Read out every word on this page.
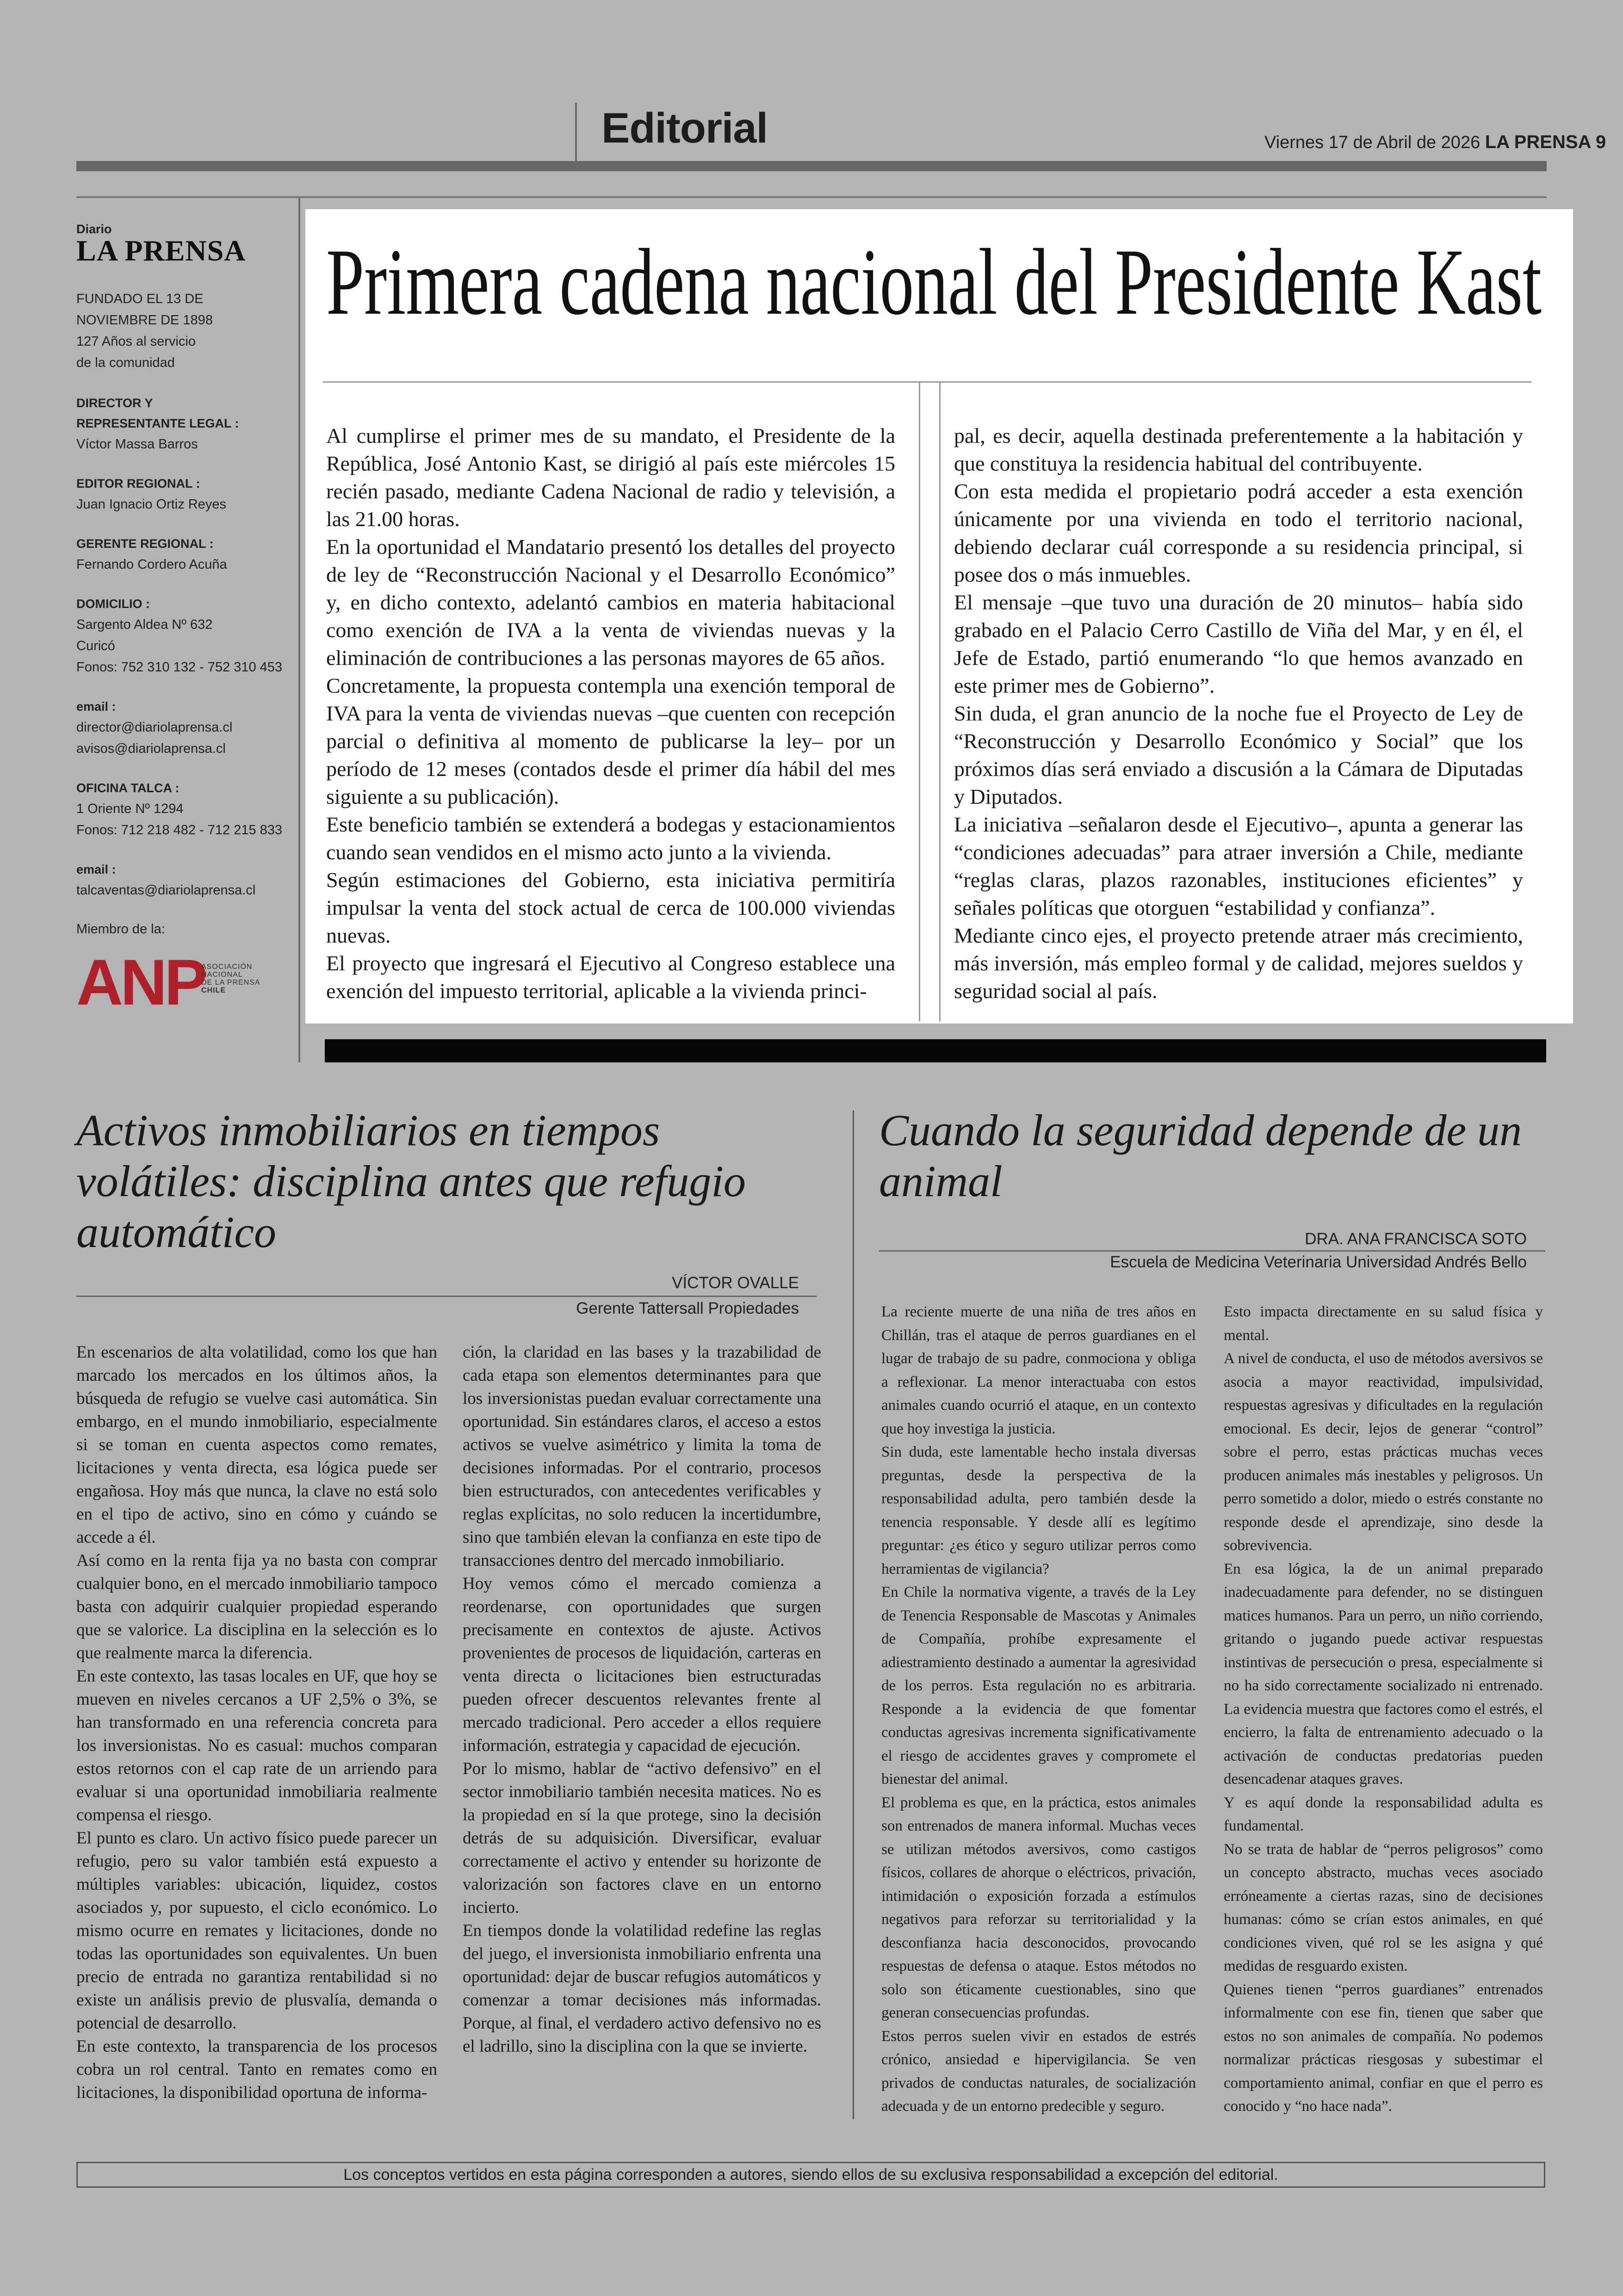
Editorial	Viernes 17 de Abril de 2026 LA PRENSA 9
Diario
LA PRENSA
FUNDADO EL 13 DE
NOVIEMBRE DE 1898
127 Años al servicio
de la comunidad
DIRECTOR Y
REPRESENTANTE LEGAL :
Víctor Massa Barros
EDITOR REGIONAL :
Juan Ignacio Ortiz Reyes
GERENTE REGIONAL :
Fernando Cordero Acuña
DOMICILIO :
Sargento Aldea Nº 632
Curicó
Fonos: 752 310 132 - 752 310 453
email :
director@diariolaprensa.cl
avisos@diariolaprensa.cl
OFICINA TALCA :
1 Oriente Nº 1294
Fonos: 712 218 482 - 712 215 833
email :
talcaventas@diariolaprensa.cl
Miembro de la:
ANP
ASOCIACIÓN
NACIONAL
DE LA PRENSA
CHILE
Primera cadena nacional del Presidente Kast

Al cumplirse el primer mes de su mandato, el Presidente de la República, José Antonio Kast, se dirigió al país este miércoles 15 recién pasado, mediante Cadena Nacional de radio y televisión, a las 21.00 horas.

En la oportunidad el Mandatario presentó los detalles del proyecto de ley de “Reconstrucción Nacional y el Desarrollo Económico” y, en dicho contexto, adelantó cambios en materia habitacional como exención de IVA a la venta de viviendas nuevas y la eliminación de contribuciones a las personas mayores de 65 años.

Concretamente, la propuesta contempla una exención temporal de IVA para la venta de viviendas nuevas –que cuenten con recepción parcial o definitiva al momento de publicarse la ley– por un período de 12 meses (contados desde el primer día hábil del mes siguiente a su publicación).

Este beneficio también se extenderá a bodegas y estacionamientos cuando sean vendidos en el mismo acto junto a la vivienda.

Según estimaciones del Gobierno, esta iniciativa permitiría impulsar la venta del stock actual de cerca de 100.000 viviendas nuevas.

El proyecto que ingresará el Ejecutivo al Congreso establece una exención del impuesto territorial, aplicable a la vivienda princi-

pal, es decir, aquella destinada preferentemente a la habitación y que constituya la residencia habitual del contribuyente.

Con esta medida el propietario podrá acceder a esta exención únicamente por una vivienda en todo el territorio nacional, debiendo declarar cuál corresponde a su residencia principal, si posee dos o más inmuebles.

El mensaje –que tuvo una duración de 20 minutos– había sido grabado en el Palacio Cerro Castillo de Viña del Mar, y en él, el Jefe de Estado, partió enumerando “lo que hemos avanzado en este primer mes de Gobierno”.

Sin duda, el gran anuncio de la noche fue el Proyecto de Ley de “Reconstrucción y Desarrollo Económico y Social” que los próximos días será enviado a discusión a la Cámara de Diputadas y Diputados.

La iniciativa –señalaron desde el Ejecutivo–, apunta a generar las “condiciones adecuadas” para atraer inversión a Chile, mediante “reglas claras, plazos razonables, instituciones eficientes” y señales políticas que otorguen “estabilidad y confianza”.

Mediante cinco ejes, el proyecto pretende atraer más crecimiento, más inversión, más empleo formal y de calidad, mejores sueldos y seguridad social al país.

Activos inmobiliarios en tiempos volátiles: disciplina antes que refugio automático
VÍCTOR OVALLE
Gerente Tattersall Propiedades

En escenarios de alta volatilidad, como los que han marcado los mercados en los últimos años, la búsqueda de refugio se vuelve casi automática. Sin embargo, en el mundo inmobiliario, especialmente si se toman en cuenta aspectos como remates, licitaciones y venta directa, esa lógica puede ser engañosa. Hoy más que nunca, la clave no está solo en el tipo de activo, sino en cómo y cuándo se accede a él.

Así como en la renta fija ya no basta con comprar cualquier bono, en el mercado inmobiliario tampoco basta con adquirir cualquier propiedad esperando que se valorice. La disciplina en la selección es lo que realmente marca la diferencia.

En este contexto, las tasas locales en UF, que hoy se mueven en niveles cercanos a UF 2,5% o 3%, se han transformado en una referencia concreta para los inversionistas. No es casual: muchos comparan estos retornos con el cap rate de un arriendo para evaluar si una oportunidad inmobiliaria realmente compensa el riesgo.

El punto es claro. Un activo físico puede parecer un refugio, pero su valor también está expuesto a múltiples variables: ubicación, liquidez, costos asociados y, por supuesto, el ciclo económico. Lo mismo ocurre en remates y licitaciones, donde no todas las oportunidades son equivalentes. Un buen precio de entrada no garantiza rentabilidad si no existe un análisis previo de plusvalía, demanda o potencial de desarrollo.

En este contexto, la transparencia de los procesos cobra un rol central. Tanto en remates como en licitaciones, la disponibilidad oportuna de informa-

ción, la claridad en las bases y la trazabilidad de cada etapa son elementos determinantes para que los inversionistas puedan evaluar correctamente una oportunidad. Sin estándares claros, el acceso a estos activos se vuelve asimétrico y limita la toma de decisiones informadas. Por el contrario, procesos bien estructurados, con antecedentes verificables y reglas explícitas, no solo reducen la incertidumbre, sino que también elevan la confianza en este tipo de transacciones dentro del mercado inmobiliario.

Hoy vemos cómo el mercado comienza a reordenarse, con oportunidades que surgen precisamente en contextos de ajuste. Activos provenientes de procesos de liquidación, carteras en venta directa o licitaciones bien estructuradas pueden ofrecer descuentos relevantes frente al mercado tradicional. Pero acceder a ellos requiere información, estrategia y capacidad de ejecución.

Por lo mismo, hablar de “activo defensivo” en el sector inmobiliario también necesita matices. No es la propiedad en sí la que protege, sino la decisión detrás de su adquisición. Diversificar, evaluar correctamente el activo y entender su horizonte de valorización son factores clave en un entorno incierto.

En tiempos donde la volatilidad redefine las reglas del juego, el inversionista inmobiliario enfrenta una oportunidad: dejar de buscar refugios automáticos y comenzar a tomar decisiones más informadas. Porque, al final, el verdadero activo defensivo no es el ladrillo, sino la disciplina con la que se invierte.

Cuando la seguridad depende de un animal
DRA. ANA FRANCISCA SOTO
Escuela de Medicina Veterinaria Universidad Andrés Bello

La reciente muerte de una niña de tres años en Chillán, tras el ataque de perros guardianes en el lugar de trabajo de su padre, conmociona y obliga a reflexionar. La menor interactuaba con estos animales cuando ocurrió el ataque, en un contexto que hoy investiga la justicia.

Sin duda, este lamentable hecho instala diversas preguntas, desde la perspectiva de la responsabilidad adulta, pero también desde la tenencia responsable. Y desde allí es legítimo preguntar: ¿es ético y seguro utilizar perros como herramientas de vigilancia?

En Chile la normativa vigente, a través de la Ley de Tenencia Responsable de Mascotas y Animales de Compañía, prohíbe expresamente el adiestramiento destinado a aumentar la agresividad de los perros. Esta regulación no es arbitraria. Responde a la evidencia de que fomentar conductas agresivas incrementa significativamente el riesgo de accidentes graves y compromete el bienestar del animal.

El problema es que, en la práctica, estos animales son entrenados de manera informal. Muchas veces se utilizan métodos aversivos, como castigos físicos, collares de ahorque o eléctricos, privación, intimidación o exposición forzada a estímulos negativos para reforzar su territorialidad y la desconfianza hacia desconocidos, provocando respuestas de defensa o ataque. Estos métodos no solo son éticamente cuestionables, sino que generan consecuencias profundas.

Estos perros suelen vivir en estados de estrés crónico, ansiedad e hipervigilancia. Se ven privados de conductas naturales, de socialización adecuada y de un entorno predecible y seguro.

Esto impacta directamente en su salud física y mental.

A nivel de conducta, el uso de métodos aversivos se asocia a mayor reactividad, impulsividad, respuestas agresivas y dificultades en la regulación emocional. Es decir, lejos de generar “control” sobre el perro, estas prácticas muchas veces producen animales más inestables y peligrosos. Un perro sometido a dolor, miedo o estrés constante no responde desde el aprendizaje, sino desde la sobrevivencia.

En esa lógica, la de un animal preparado inadecuadamente para defender, no se distinguen matices humanos. Para un perro, un niño corriendo, gritando o jugando puede activar respuestas instintivas de persecución o presa, especialmente si no ha sido correctamente socializado ni entrenado. La evidencia muestra que factores como el estrés, el encierro, la falta de entrenamiento adecuado o la activación de conductas predatorias pueden desencadenar ataques graves.

Y es aquí donde la responsabilidad adulta es fundamental.

No se trata de hablar de “perros peligrosos” como un concepto abstracto, muchas veces asociado erróneamente a ciertas razas, sino de decisiones humanas: cómo se crían estos animales, en qué condiciones viven, qué rol se les asigna y qué medidas de resguardo existen.

Quienes tienen “perros guardianes” entrenados informalmente con ese fin, tienen que saber que estos no son animales de compañía. No podemos normalizar prácticas riesgosas y subestimar el comportamiento animal, confiar en que el perro es conocido y “no hace nada”.

Los conceptos vertidos en esta página corresponden a autores, siendo ellos de su exclusiva responsabilidad a excepción del editorial.
